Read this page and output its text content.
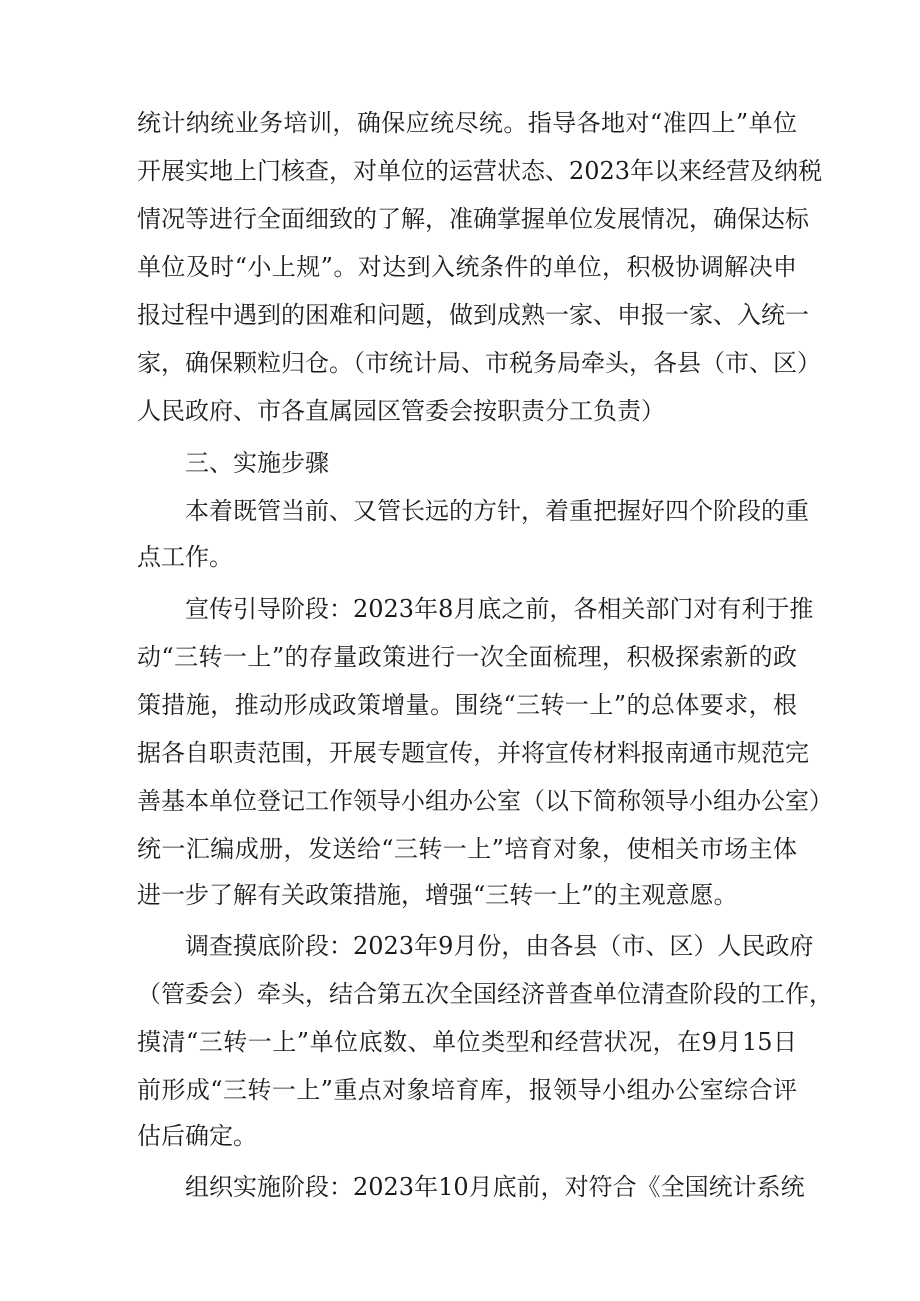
统计纳统业务培训，确保应统尽统。指导各地对“准四上”单位
开展实地上门核查，对单位的运营状态、2023年以来经营及纳税
情况等进行全面细致的了解，准确掌握单位发展情况，确保达标
单位及时“小上规”。对达到入统条件的单位，积极协调解决申
报过程中遇到的困难和问题，做到成熟一家、申报一家、入统一
家，确保颗粒归仓。（市统计局、市税务局牵头，各县（市、区）
人民政府、市各直属园区管委会按职责分工负责）
三、实施步骤
本着既管当前、又管长远的方针，着重把握好四个阶段的重
点工作。
宣传引导阶段：2023年8月底之前，各相关部门对有利于推
动“三转一上”的存量政策进行一次全面梳理，积极探索新的政
策措施，推动形成政策增量。围绕“三转一上”的总体要求，根
据各自职责范围，开展专题宣传，并将宣传材料报南通市规范完
善基本单位登记工作领导小组办公室（以下简称领导小组办公室）
统一汇编成册，发送给“三转一上”培育对象，使相关市场主体
进一步了解有关政策措施，增强“三转一上”的主观意愿。
调查摸底阶段：2023年9月份，由各县（市、区）人民政府
（管委会）牵头，结合第五次全国经济普查单位清查阶段的工作，
摸清“三转一上”单位底数、单位类型和经营状况，在9月15日
前形成“三转一上”重点对象培育库，报领导小组办公室综合评
估后确定。
组织实施阶段：2023年10月底前，对符合《全国统计系统
